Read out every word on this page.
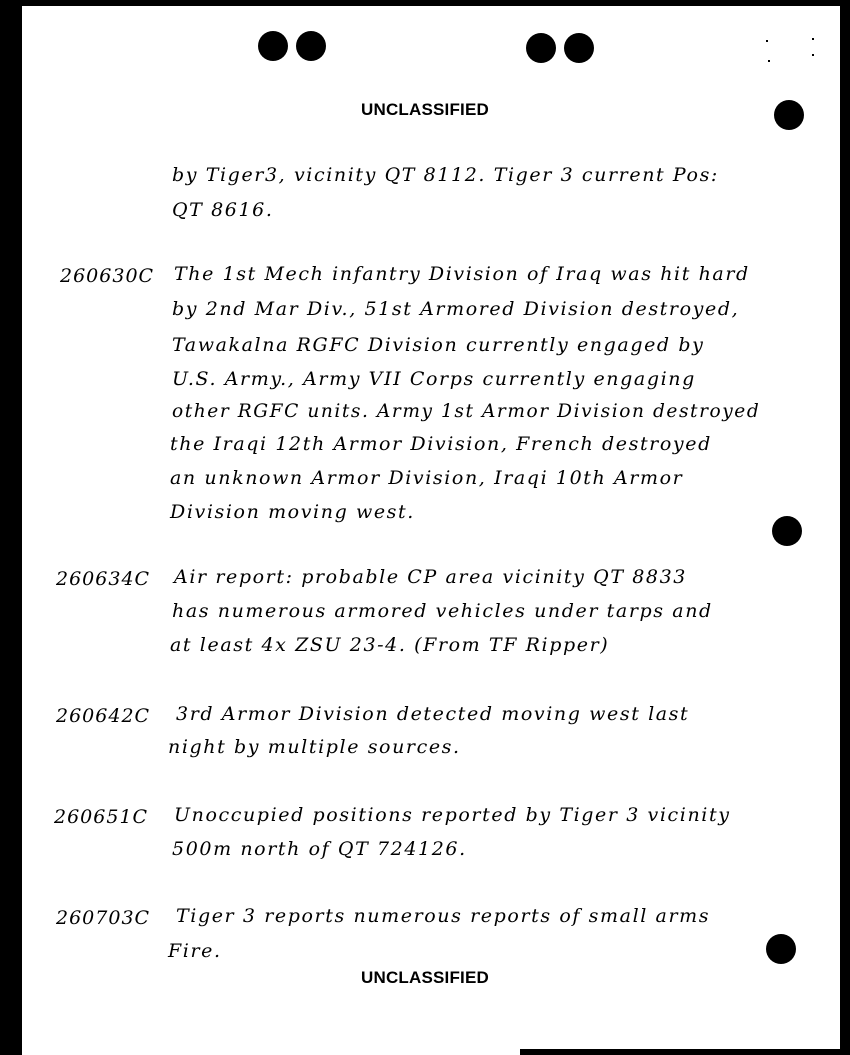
UNCLASSIFIED
by Tiger3, vicinity QT 8112. Tiger 3 current Pos:
QT 8616.
260630C The 1st Mech infantry Division of Iraq was hit hard
by 2nd Mar Div., 51st Armored Division destroyed,
Tawakalna RGFC Division currently engaged by
U.S. Army., Army VII Corps currently engaging
other RGFC units. Army 1st Armor Division destroyed
the Iraqi 12th Armor Division, French destroyed
an unknown Armor Division, Iraqi 10th Armor
Division moving west.
260634C Air report: probable CP area vicinity QT 8833
has numerous armored vehicles under tarps and
at least 4x ZSU 23-4. (From TF Ripper)
260642C 3rd Armor Division detected moving west last
night by multiple sources.
260651C Unoccupied positions reported by Tiger 3 vicinity
500m north of QT 724126.
260703C Tiger 3 reports numerous reports of small arms
Fire.
UNCLASSIFIED
